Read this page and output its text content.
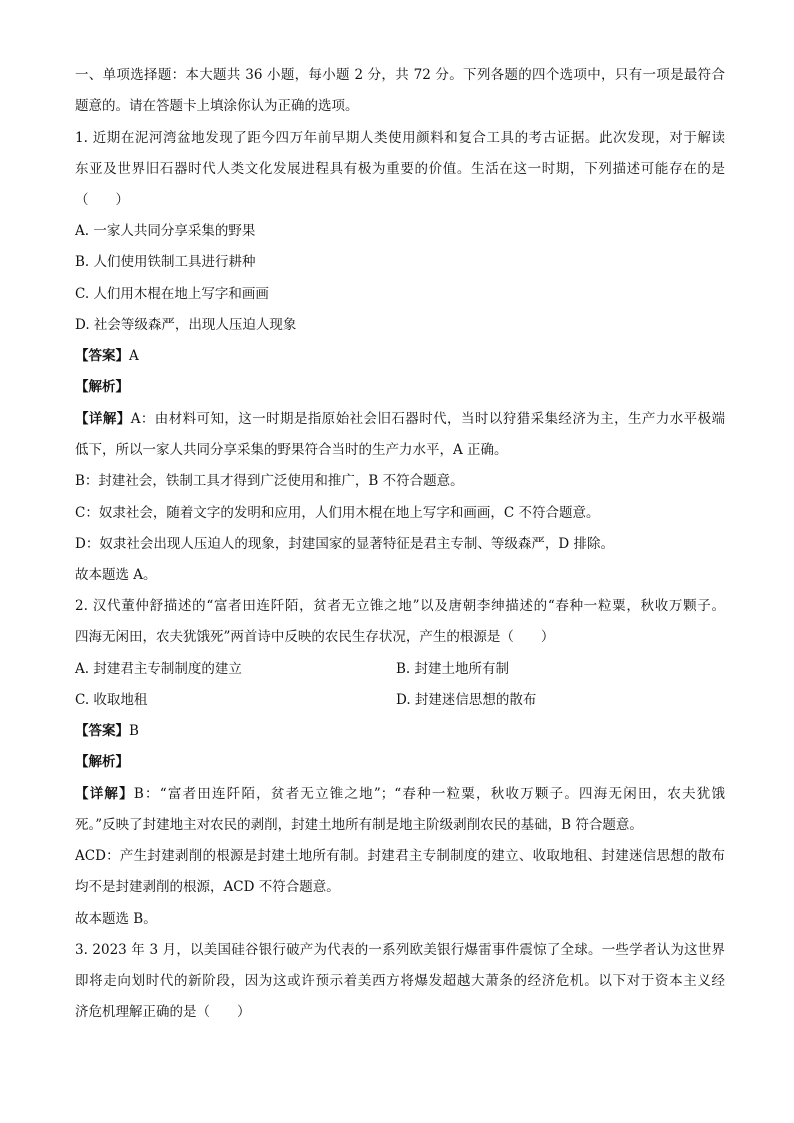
一、单项选择题：本大题共 36 小题，每小题 2 分，共 72 分。下列各题的四个选项中，只有一项是最符合
题意的。请在答题卡上填涂你认为正确的选项。
1. 近期在泥河湾盆地发现了距今四万年前早期人类使用颜料和复合工具的考古证据。此次发现，对于解读
东亚及世界旧石器时代人类文化发展进程具有极为重要的价值。生活在这一时期，下列描述可能存在的是
（　　）
A. 一家人共同分享采集的野果
B. 人们使用铁制工具进行耕种
C. 人们用木棍在地上写字和画画
D. 社会等级森严，出现人压迫人现象
【答案】A
【解析】
【详解】A：由材料可知，这一时期是指原始社会旧石器时代，当时以狩猎采集经济为主，生产力水平极端
低下，所以一家人共同分享采集的野果符合当时的生产力水平，A 正确。
B：封建社会，铁制工具才得到广泛使用和推广，B 不符合题意。
C：奴隶社会，随着文字的发明和应用，人们用木棍在地上写字和画画，C 不符合题意。
D：奴隶社会出现人压迫人的现象，封建国家的显著特征是君主专制、等级森严，D 排除。
故本题选 A。
2. 汉代董仲舒描述的“富者田连阡陌，贫者无立锥之地”以及唐朝李绅描述的“春种一粒粟，秋收万颗子。
四海无闲田，农夫犹饿死”两首诗中反映的农民生存状况，产生的根源是（　　）
A. 封建君主专制制度的建立	B. 封建土地所有制
C. 收取地租	D. 封建迷信思想的散布
【答案】B
【解析】
【详解】B：“富者田连阡陌，贫者无立锥之地”；“春种一粒粟，秋收万颗子。四海无闲田，农夫犹饿
死。”反映了封建地主对农民的剥削，封建土地所有制是地主阶级剥削农民的基础，B 符合题意。
ACD：产生封建剥削的根源是封建土地所有制。封建君主专制制度的建立、收取地租、封建迷信思想的散布
均不是封建剥削的根源，ACD 不符合题意。
故本题选 B。
3. 2023 年 3 月，以美国硅谷银行破产为代表的一系列欧美银行爆雷事件震惊了全球。一些学者认为这世界
即将走向划时代的新阶段，因为这或许预示着美西方将爆发超越大萧条的经济危机。以下对于资本主义经
济危机理解正确的是（　　）
